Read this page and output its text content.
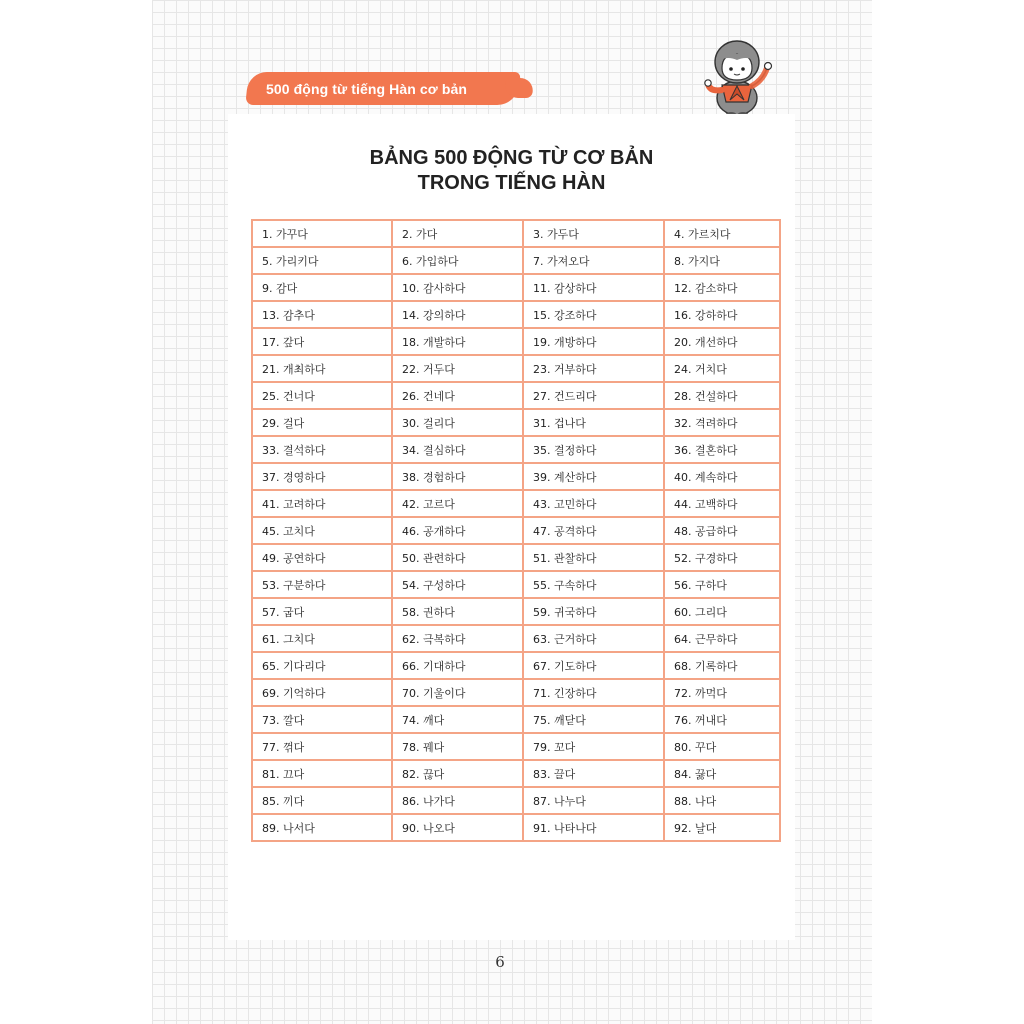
500 động từ tiếng Hàn cơ bản
BẢNG 500 ĐỘNG TỪ CƠ BẢN
TRONG TIẾNG HÀN
1. 가꾸다	2. 가다	3. 가두다	4. 가르치다
5. 가리키다	6. 가입하다	7. 가져오다	8. 가지다
9. 감다	10. 감사하다	11. 감상하다	12. 감소하다
13. 감추다	14. 강의하다	15. 강조하다	16. 강하하다
17. 갚다	18. 개발하다	19. 개방하다	20. 개선하다
21. 개최하다	22. 거두다	23. 거부하다	24. 거치다
25. 건너다	26. 건네다	27. 건드리다	28. 건설하다
29. 걸다	30. 걸리다	31. 겁나다	32. 격려하다
33. 결석하다	34. 결심하다	35. 결정하다	36. 결혼하다
37. 경영하다	38. 경험하다	39. 계산하다	40. 계속하다
41. 고려하다	42. 고르다	43. 고민하다	44. 고백하다
45. 고치다	46. 공개하다	47. 공격하다	48. 공급하다
49. 공연하다	50. 관련하다	51. 관찰하다	52. 구경하다
53. 구분하다	54. 구성하다	55. 구속하다	56. 구하다
57. 굽다	58. 권하다	59. 귀국하다	60. 그리다
61. 그치다	62. 극복하다	63. 근거하다	64. 근무하다
65. 기다리다	66. 기대하다	67. 기도하다	68. 기록하다
69. 기억하다	70. 기울이다	71. 긴장하다	72. 까먹다
73. 깔다	74. 깨다	75. 깨닫다	76. 꺼내다
77. 꺾다	78. 꿰다	79. 꼬다	80. 꾸다
81. 끄다	82. 끊다	83. 끌다	84. 끓다
85. 끼다	86. 나가다	87. 나누다	88. 나다
89. 나서다	90. 나오다	91. 나타나다	92. 날다
6
